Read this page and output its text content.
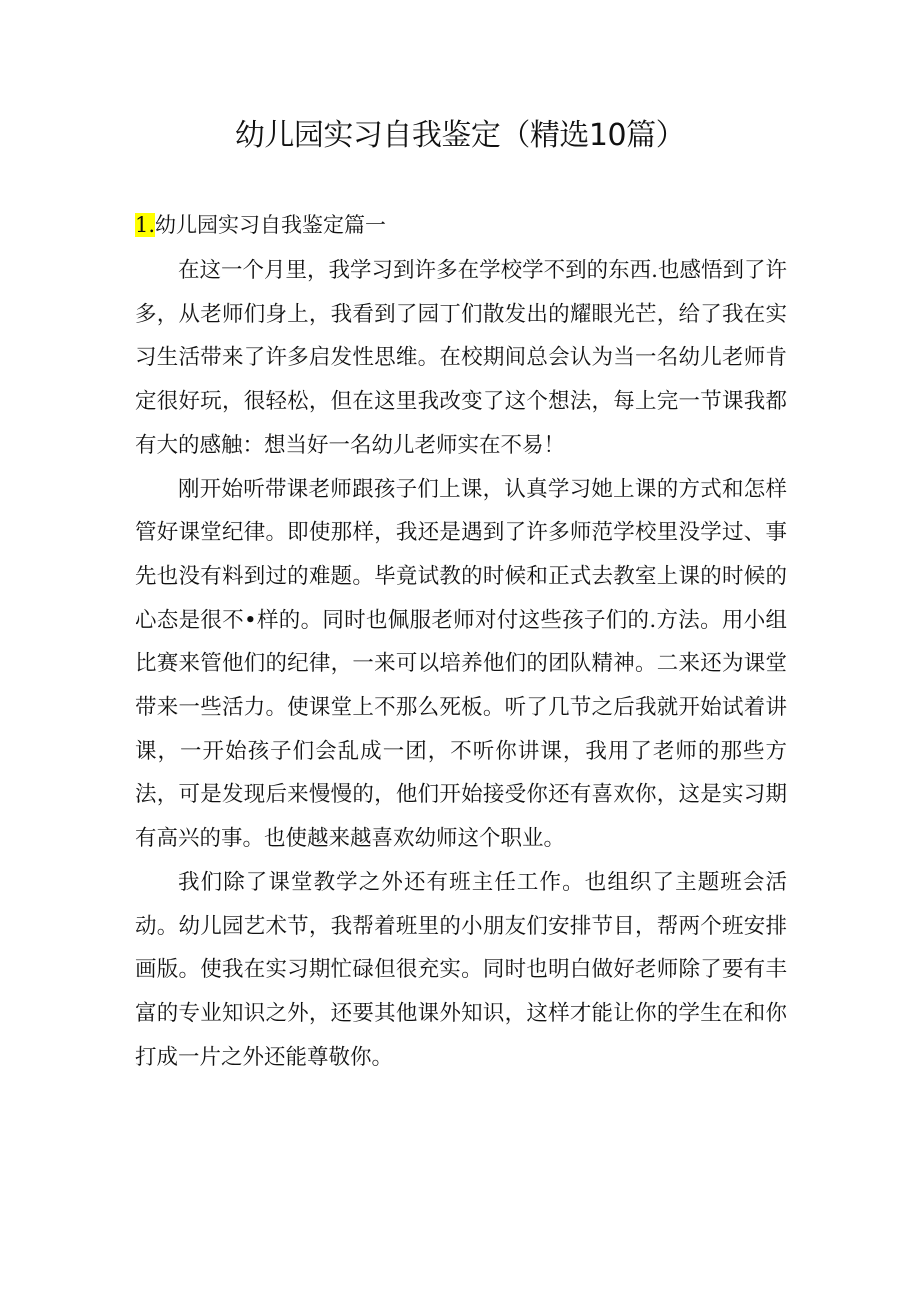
幼儿园实习自我鉴定（精选10篇）
1.幼儿园实习自我鉴定篇一

在这一个月里，我学习到许多在学校学不到的东西.也感悟到了许多，从老师们身上，我看到了园丁们散发出的耀眼光芒，给了我在实习生活带来了许多启发性思维。在校期间总会认为当一名幼儿老师肯定很好玩，很轻松，但在这里我改变了这个想法，每上完一节课我都有大的感触：想当好一名幼儿老师实在不易！

刚开始听带课老师跟孩子们上课，认真学习她上课的方式和怎样管好课堂纪律。即使那样，我还是遇到了许多师范学校里没学过、事先也没有料到过的难题。毕竟试教的时候和正式去教室上课的时候的心态是很不•样的。同时也佩服老师对付这些孩子们的.方法。用小组比赛来管他们的纪律，一来可以培养他们的团队精神。二来还为课堂带来一些活力。使课堂上不那么死板。听了几节之后我就开始试着讲课，一开始孩子们会乱成一团，不听你讲课，我用了老师的那些方法，可是发现后来慢慢的，他们开始接受你还有喜欢你，这是实习期有高兴的事。也使越来越喜欢幼师这个职业。

我们除了课堂教学之外还有班主任工作。也组织了主题班会活动。幼儿园艺术节，我帮着班里的小朋友们安排节目，帮两个班安排画版。使我在实习期忙碌但很充实。同时也明白做好老师除了要有丰富的专业知识之外，还要其他课外知识，这样才能让你的学生在和你打成一片之外还能尊敬你。
